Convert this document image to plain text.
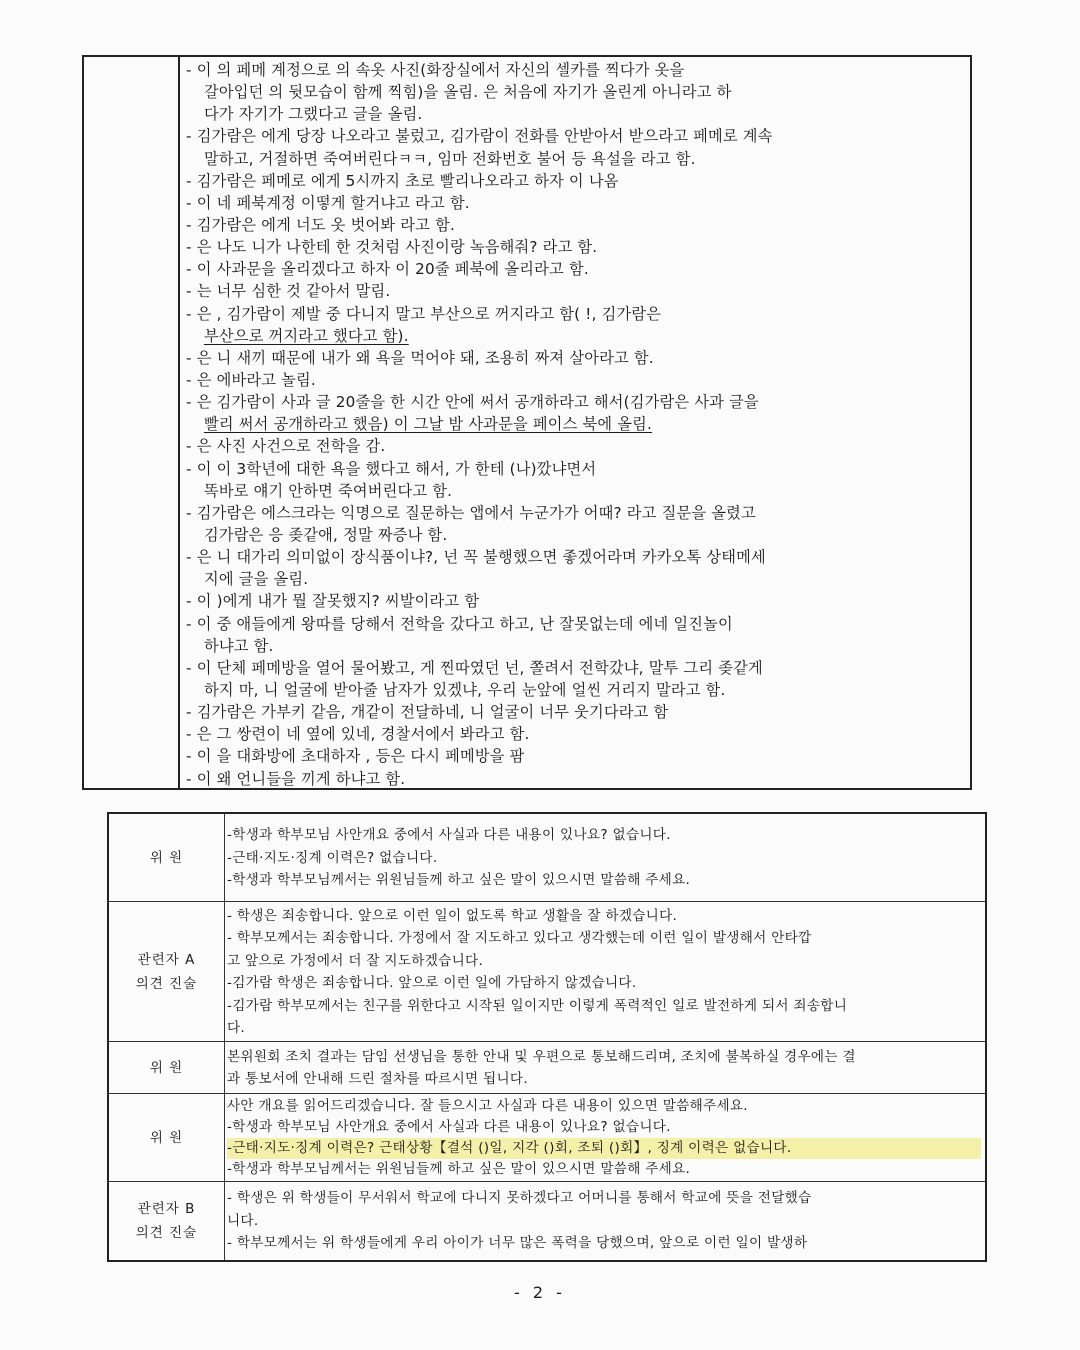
- 이 의 페메 계정으로 의 속옷 사진(화장실에서 자신의 셀카를 찍다가 옷을
갈아입던 의 뒷모습이 함께 찍힘)을 올림. 은 처음에 자기가 올린게 아니라고 하
다가 자기가 그랬다고 글을 올림.
- 김가람은 에게 당장 나오라고 불렀고, 김가람이 전화를 안받아서 받으라고 페메로 계속
말하고, 거절하면 죽여버린다ㅋㅋ, 임마 전화번호 불어 등 욕설을 라고 함.
- 김가람은 페메로 에게 5시까지 초로 빨리나오라고 하자 이 나옴
- 이 네 페북계정 이떻게 할거냐고 라고 함.
- 김가람은 에게 너도 옷 벗어봐 라고 함.
- 은 나도 니가 나한테 한 것처럼 사진이랑 녹음해줘? 라고 함.
- 이 사과문을 올리겠다고 하자 이 20줄 페북에 올리라고 함.
- 는 너무 심한 것 같아서 말림.
- 은 , 김가람이 제발 중 다니지 말고 부산으로 꺼지라고 함( !, 김가람은
부산으로 꺼지라고 했다고 함).
- 은 니 새끼 때문에 내가 왜 욕을 먹어야 돼, 조용히 짜져 살아라고 함.
- 은 에바라고 놀림.
- 은 김가람이 사과 글 20줄을 한 시간 안에 써서 공개하라고 해서(김가람은 사과 글을
빨리 써서 공개하라고 했음) 이 그날 밤 사과문을 페이스 북에 올림.
- 은 사진 사건으로 전학을 감.
- 이 이 3학년에 대한 욕을 했다고 해서, 가 한테 (나)깠냐면서
똑바로 얘기 안하면 죽여버린다고 함.
- 김가람은 에스크라는 익명으로 질문하는 앱에서 누군가가 어때? 라고 질문을 올렸고
김가람은 응 좆같애, 정말 짜증나 함.
- 은 니 대가리 의미없이 장식품이냐?, 넌 꼭 불행했으면 좋겠어라며 카카오톡 상태메세
지에 글을 올림.
- 이 )에게 내가 뭘 잘못했지? 씨발이라고 함
- 이 중 애들에게 왕따를 당해서 전학을 갔다고 하고, 난 잘못없는데 에네 일진놀이
하냐고 함.
- 이 단체 페메방을 열어 물어봤고, 게 찐따였던 넌, 쫄려서 전학갔냐, 말투 그리 좆같게
하지 마, 니 얼굴에 받아줄 남자가 있겠냐, 우리 눈앞에 얼씬 거리지 말라고 함.
- 김가람은 가부키 같음, 개같이 전달하네, 니 얼굴이 너무 웃기다라고 함
- 은 그 쌍련이 네 옆에 있네, 경찰서에서 봐라고 함.
- 이 을 대화방에 초대하자 , 등은 다시 페메방을 팜
- 이 왜 언니들을 끼게 하냐고 함.
위 원
-학생과 학부모님 사안개요 중에서 사실과 다른 내용이 있나요? 없습니다.
-근태·지도·징계 이력은? 없습니다.
-학생과 학부모님께서는 위원님들께 하고 싶은 말이 있으시면 말씀해 주세요.
관련자 A
의견 진술
- 학생은 죄송합니다. 앞으로 이런 일이 없도록 학교 생활을 잘 하겠습니다.
- 학부모께서는 죄송합니다. 가정에서 잘 지도하고 있다고 생각했는데 이런 일이 발생해서 안타깝
고 앞으로 가정에서 더 잘 지도하겠습니다.
-김가람 학생은 죄송합니다. 앞으로 이런 일에 가담하지 않겠습니다.
-김가람 학부모께서는 친구를 위한다고 시작된 일이지만 이렇게 폭력적인 일로 발전하게 되서 죄송합니
다.
위 원
본위원회 조치 결과는 담임 선생님을 통한 안내 및 우편으로 통보해드리며, 조치에 불복하실 경우에는 결
과 통보서에 안내해 드린 절차를 따르시면 됩니다.
위 원
사안 개요를 읽어드리겠습니다. 잘 들으시고 사실과 다른 내용이 있으면 말씀해주세요.
-학생과 학부모님 사안개요 중에서 사실과 다른 내용이 있나요? 없습니다.
-근태·지도·징계 이력은? 근태상황【결석 ()일, 지각 ()회, 조퇴 ()회】, 징계 이력은 없습니다.
-학생과 학부모님께서는 위원님들께 하고 싶은 말이 있으시면 말씀해 주세요.
관련자 B
의견 진술
- 학생은 위 학생들이 무서워서 학교에 다니지 못하겠다고 어머니를 통해서 학교에 뜻을 전달했습
니다.
- 학부모께서는 위 학생들에게 우리 아이가 너무 많은 폭력을 당했으며, 앞으로 이런 일이 발생하
- 2 -
